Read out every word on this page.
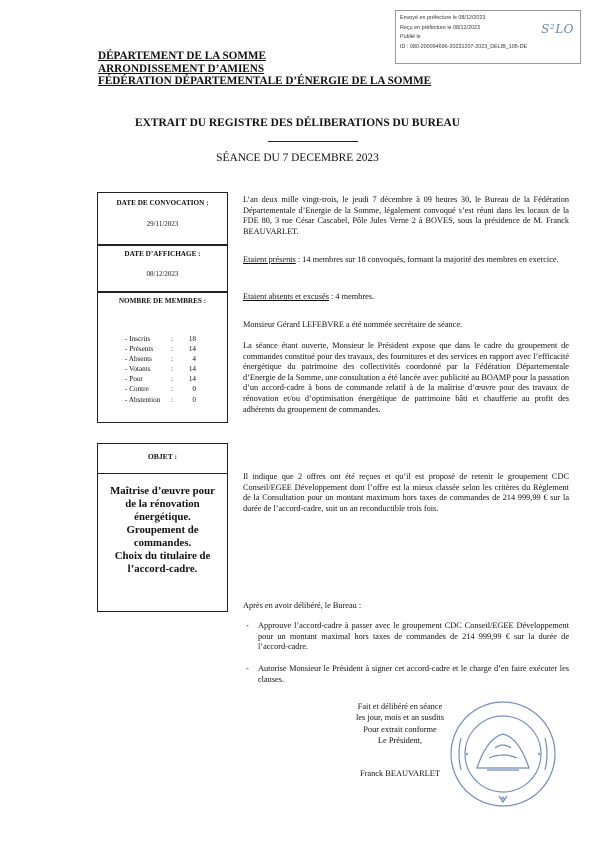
Envoyé en préfecture le 08/12/2023
Reçu en préfecture le 08/12/2023
Publié le
ID : 080-200094696-20231207-2023_DELIB_105-DE
S²LO
DÉPARTEMENT DE LA SOMME
ARRONDISSEMENT D’AMIENS
FÉDÉRATION DÉPARTEMENTALE D’ÉNERGIE DE LA SOMME
EXTRAIT DU REGISTRE DES DÉLIBERATIONS DU BUREAU
SÉANCE DU 7 DECEMBRE 2023
DATE DE CONVOCATION :
29/11/2023
DATE D’AFFICHAGE :
08/12/2023
NOMBRE DE MEMBRES :
- Inscrits	:	18
- Présents	:	14
- Absents	:	4
- Votants	:	14
- Pour	:	14
- Contre	:	0
- Abstention	:	0
OBJET :
Maîtrise d’œuvre pour
de la rénovation
énergétique.
Groupement de
commandes.
Choix du titulaire de
l’accord-cadre.
L’an deux mille vingt-trois, le jeudi 7 décembre à 09 heures 30, le Bureau de la Fédération Départementale d’Energie de la Somme, légalement convoqué s’est réuni dans les locaux de la FDE 80, 3 rue César Cascabel, Pôle Jules Verne 2 à BOVES, sous la présidence de M. Franck BEAUVARLET.
Etaient présents : 14 membres sur 18 convoqués, formant la majorité des membres en exercice.
Etaient absents et excusés : 4 membres.
Monsieur Gérard LEFEBVRE a été nommée secrétaire de séance.
La séance étant ouverte, Monsieur le Président expose que dans le cadre du groupement de commandes constitué pour des travaux, des fournitures et des services en rapport avec l’efficacité énergétique du patrimoine des collectivités coordonné par la Fédération Départementale d’Energie de la Somme, une consultation a été lancée avec publicité au BOAMP pour la passation d’un accord-cadre à bons de commande relatif à de la maîtrise d’œuvre pour des travaux de rénovation et/ou d’optimisation énergétique de patrimoine bâti et chaufferie au profit des adhérents du groupement de commandes.
Il indique que 2 offres ont été reçues et qu’il est proposé de retenir le groupement CDC Conseil/EGEE Développement dont l’offre est la mieux classée selon les critères du Règlement de la Consultation pour un montant maximum hors taxes de commandes de 214 999,99 € sur la durée de l’accord-cadre, soit un an reconductible trois fois.
Après en avoir délibéré, le Bureau :
- Approuve l’accord-cadre à passer avec le groupement CDC Conseil/EGEE Développement pour un montant maximal hors taxes de commandes de 214 999,99 € sur la durée de l’accord-cadre.
- Autorise Monsieur le Président à signer cet accord-cadre et le charge d’en faire exécuter les clauses.
Fait et délibéré en séance
les jour, mois et an susdits
Pour extrait conforme
Le Président,
Franck BEAUVARLET
